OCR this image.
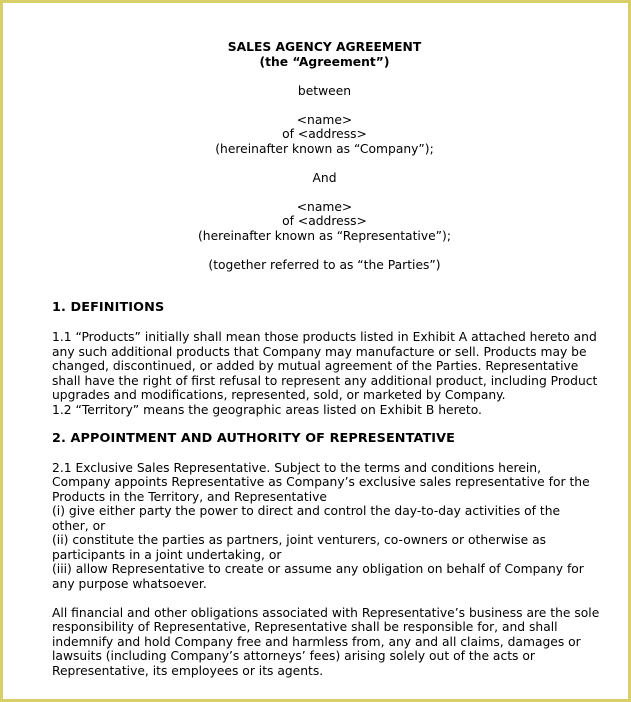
SALES AGENCY AGREEMENT
(the “Agreement”)
between
<name>
of <address>
(hereinafter known as “Company”);
And
<name>
of <address>
(hereinafter known as “Representative”);
(together referred to as “the Parties”)
1. DEFINITIONS
1.1 “Products” initially shall mean those products listed in Exhibit A attached hereto and
any such additional products that Company may manufacture or sell. Products may be
changed, discontinued, or added by mutual agreement of the Parties. Representative
shall have the right of first refusal to represent any additional product, including Product
upgrades and modifications, represented, sold, or marketed by Company.
1.2 “Territory” means the geographic areas listed on Exhibit B hereto.
2. APPOINTMENT AND AUTHORITY OF REPRESENTATIVE
2.1 Exclusive Sales Representative. Subject to the terms and conditions herein,
Company appoints Representative as Company’s exclusive sales representative for the
Products in the Territory, and Representative
(i) give either party the power to direct and control the day-to-day activities of the
other, or
(ii) constitute the parties as partners, joint venturers, co-owners or otherwise as
participants in a joint undertaking, or
(iii) allow Representative to create or assume any obligation on behalf of Company for
any purpose whatsoever.
All financial and other obligations associated with Representative’s business are the sole
responsibility of Representative, Representative shall be responsible for, and shall
indemnify and hold Company free and harmless from, any and all claims, damages or
lawsuits (including Company’s attorneys’ fees) arising solely out of the acts or
Representative, its employees or its agents.
